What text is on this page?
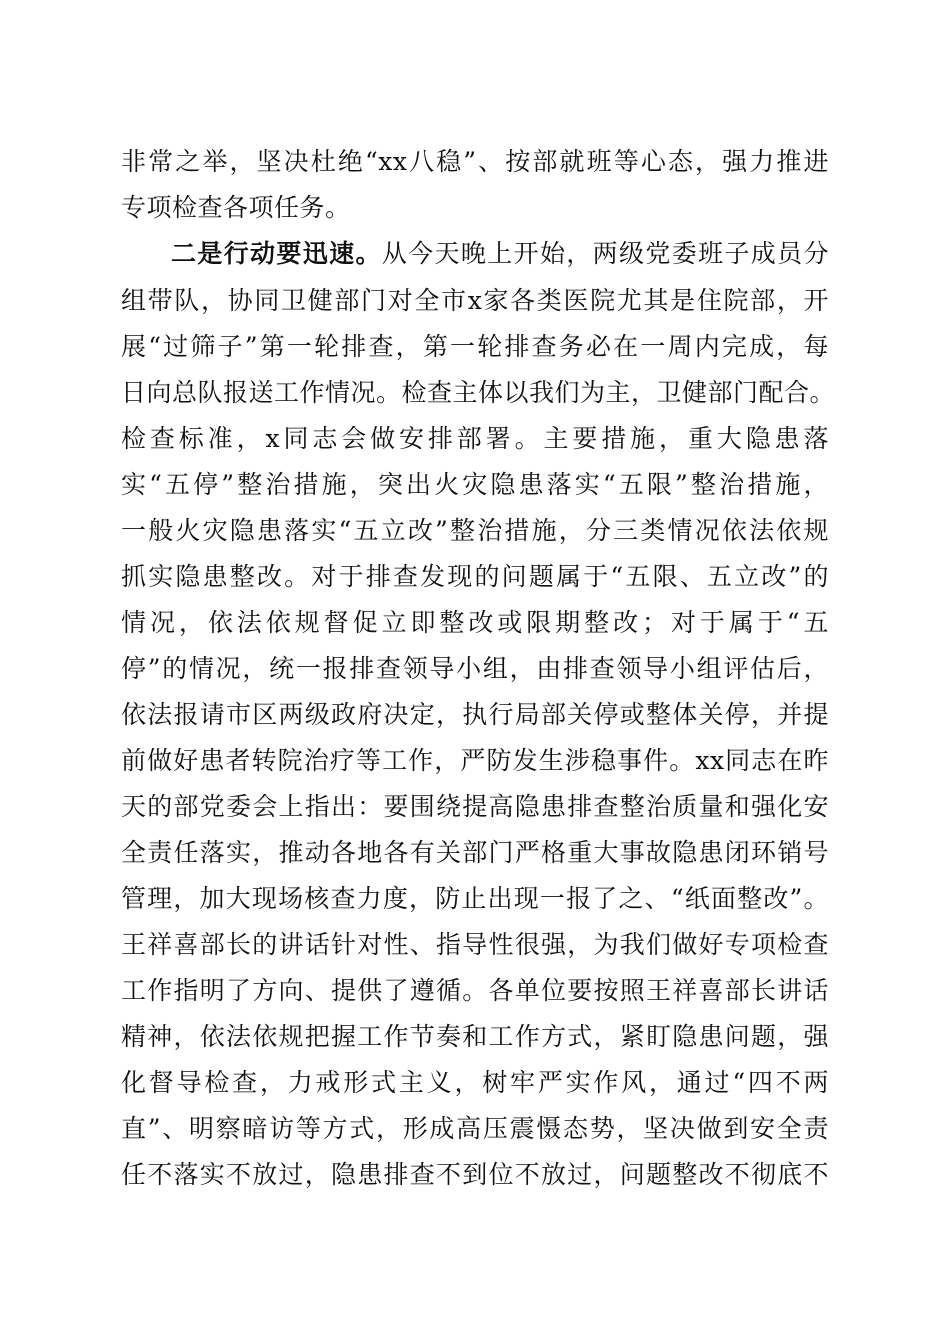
非常之举，坚决杜绝“xx八稳”、按部就班等心态，强力推进
专项检查各项任务。
二是行动要迅速。从今天晚上开始，两级党委班子成员分
组带队，协同卫健部门对全市x家各类医院尤其是住院部，开
展“过筛子”第一轮排查，第一轮排查务必在一周内完成，每
日向总队报送工作情况。检查主体以我们为主，卫健部门配合。
检查标准，x同志会做安排部署。主要措施，重大隐患落
实“五停”整治措施，突出火灾隐患落实“五限”整治措施，
一般火灾隐患落实“五立改”整治措施，分三类情况依法依规
抓实隐患整改。对于排查发现的问题属于“五限、五立改”的
情况，依法依规督促立即整改或限期整改；对于属于“五
停”的情况，统一报排查领导小组，由排查领导小组评估后，
依法报请市区两级政府决定，执行局部关停或整体关停，并提
前做好患者转院治疗等工作，严防发生涉稳事件。xx同志在昨
天的部党委会上指出：要围绕提高隐患排查整治质量和强化安
全责任落实，推动各地各有关部门严格重大事故隐患闭环销号
管理，加大现场核查力度，防止出现一报了之、“纸面整改”。
王祥喜部长的讲话针对性、指导性很强，为我们做好专项检查
工作指明了方向、提供了遵循。各单位要按照王祥喜部长讲话
精神，依法依规把握工作节奏和工作方式，紧盯隐患问题，强
化督导检查，力戒形式主义，树牢严实作风，通过“四不两
直”、明察暗访等方式，形成高压震慑态势，坚决做到安全责
任不落实不放过，隐患排查不到位不放过，问题整改不彻底不
